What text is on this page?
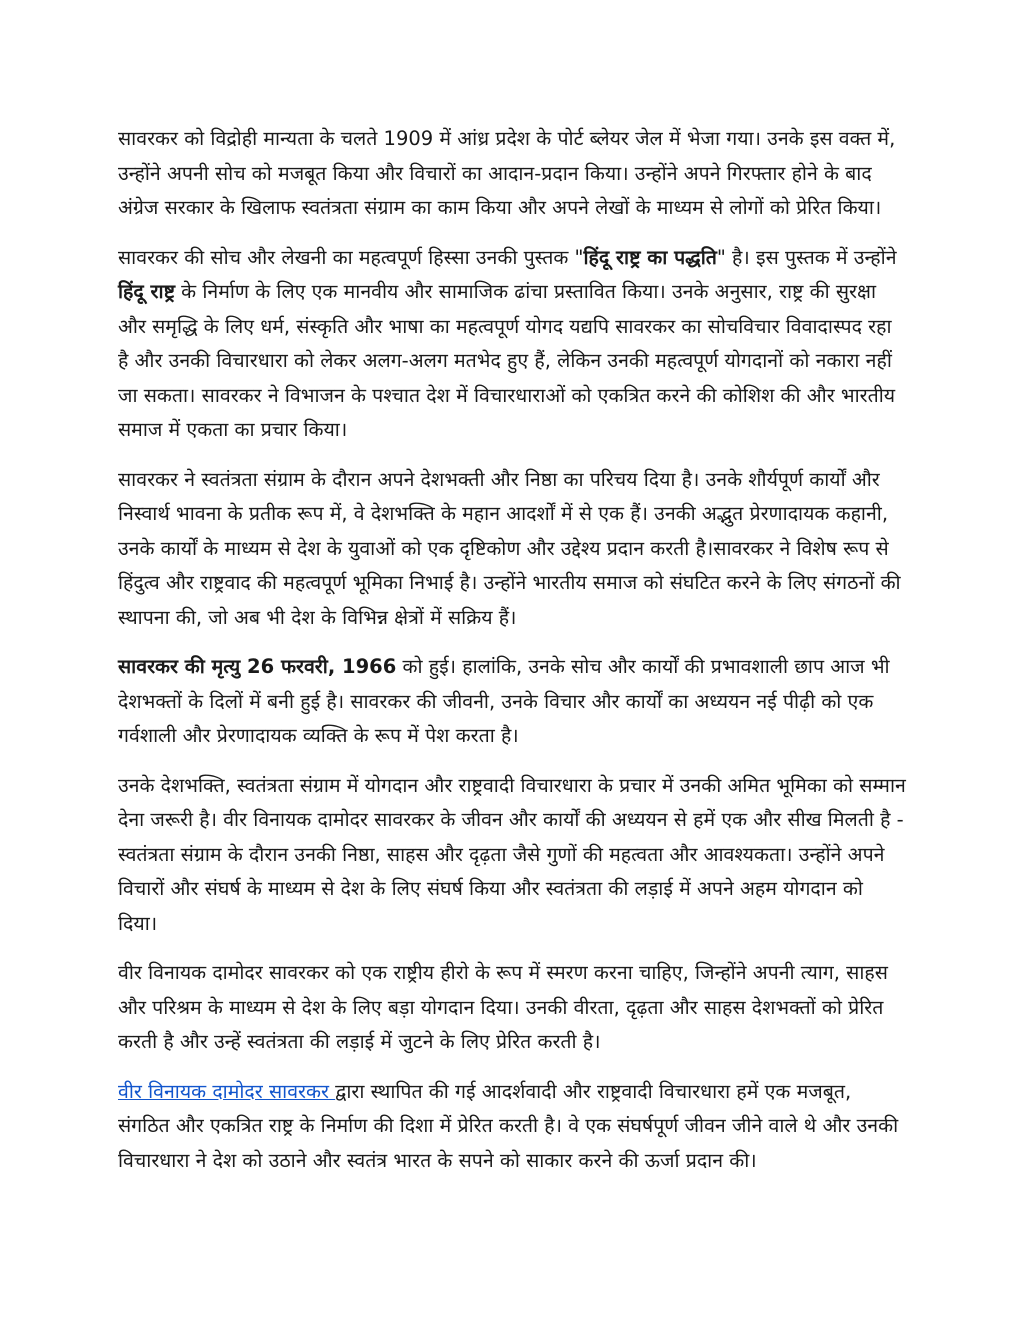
सावरकर को विद्रोही मान्यता के चलते 1909 में आंध्र प्रदेश के पोर्ट ब्लेयर जेल में भेजा गया। उनके इस वक्त में, उन्होंने अपनी सोच को मजबूत किया और विचारों का आदान-प्रदान किया। उन्होंने अपने गिरफ्तार होने के बाद अंग्रेज सरकार के खिलाफ स्वतंत्रता संग्राम का काम किया और अपने लेखों के माध्यम से लोगों को प्रेरित किया।

सावरकर की सोच और लेखनी का महत्वपूर्ण हिस्सा उनकी पुस्तक "हिंदू राष्ट्र का पद्धति" है। इस पुस्तक में उन्होंने हिंदू राष्ट्र के निर्माण के लिए एक मानवीय और सामाजिक ढांचा प्रस्तावित किया। उनके अनुसार, राष्ट्र की सुरक्षा और समृद्धि के लिए धर्म, संस्कृति और भाषा का महत्वपूर्ण योगद यद्यपि सावरकर का सोचविचार विवादास्पद रहा है और उनकी विचारधारा को लेकर अलग-अलग मतभेद हुए हैं, लेकिन उनकी महत्वपूर्ण योगदानों को नकारा नहीं जा सकता। सावरकर ने विभाजन के पश्चात देश में विचारधाराओं को एकत्रित करने की कोशिश की और भारतीय समाज में एकता का प्रचार किया।

सावरकर ने स्वतंत्रता संग्राम के दौरान अपने देशभक्ती और निष्ठा का परिचय दिया है। उनके शौर्यपूर्ण कार्यों और निस्वार्थ भावना के प्रतीक रूप में, वे देशभक्ति के महान आदर्शों में से एक हैं। उनकी अद्भुत प्रेरणादायक कहानी, उनके कार्यों के माध्यम से देश के युवाओं को एक दृष्टिकोण और उद्देश्य प्रदान करती है।सावरकर ने विशेष रूप से हिंदुत्व और राष्ट्रवाद की महत्वपूर्ण भूमिका निभाई है। उन्होंने भारतीय समाज को संघटित करने के लिए संगठनों की स्थापना की, जो अब भी देश के विभिन्न क्षेत्रों में सक्रिय हैं।

सावरकर की मृत्यु 26 फरवरी, 1966 को हुई। हालांकि, उनके सोच और कार्यों की प्रभावशाली छाप आज भी देशभक्तों के दिलों में बनी हुई है। सावरकर की जीवनी, उनके विचार और कार्यों का अध्ययन नई पीढ़ी को एक गर्वशाली और प्रेरणादायक व्यक्ति के रूप में पेश करता है।

उनके देशभक्ति, स्वतंत्रता संग्राम में योगदान और राष्ट्रवादी विचारधारा के प्रचार में उनकी अमित भूमिका को सम्मान देना जरूरी है। वीर विनायक दामोदर सावरकर के जीवन और कार्यों की अध्ययन से हमें एक और सीख मिलती है - स्वतंत्रता संग्राम के दौरान उनकी निष्ठा, साहस और दृढ़ता जैसे गुणों की महत्वता और आवश्यकता। उन्होंने अपने विचारों और संघर्ष के माध्यम से देश के लिए संघर्ष किया और स्वतंत्रता की लड़ाई में अपने अहम योगदान को दिया।

वीर विनायक दामोदर सावरकर को एक राष्ट्रीय हीरो के रूप में स्मरण करना चाहिए, जिन्होंने अपनी त्याग, साहस और परिश्रम के माध्यम से देश के लिए बड़ा योगदान दिया। उनकी वीरता, दृढ़ता और साहस देशभक्तों को प्रेरित करती है और उन्हें स्वतंत्रता की लड़ाई में जुटने के लिए प्रेरित करती है।

वीर विनायक दामोदर सावरकर द्वारा स्थापित की गई आदर्शवादी और राष्ट्रवादी विचारधारा हमें एक मजबूत, संगठित और एकत्रित राष्ट्र के निर्माण की दिशा में प्रेरित करती है। वे एक संघर्षपूर्ण जीवन जीने वाले थे और उनकी विचारधारा ने देश को उठाने और स्वतंत्र भारत के सपने को साकार करने की ऊर्जा प्रदान की।
